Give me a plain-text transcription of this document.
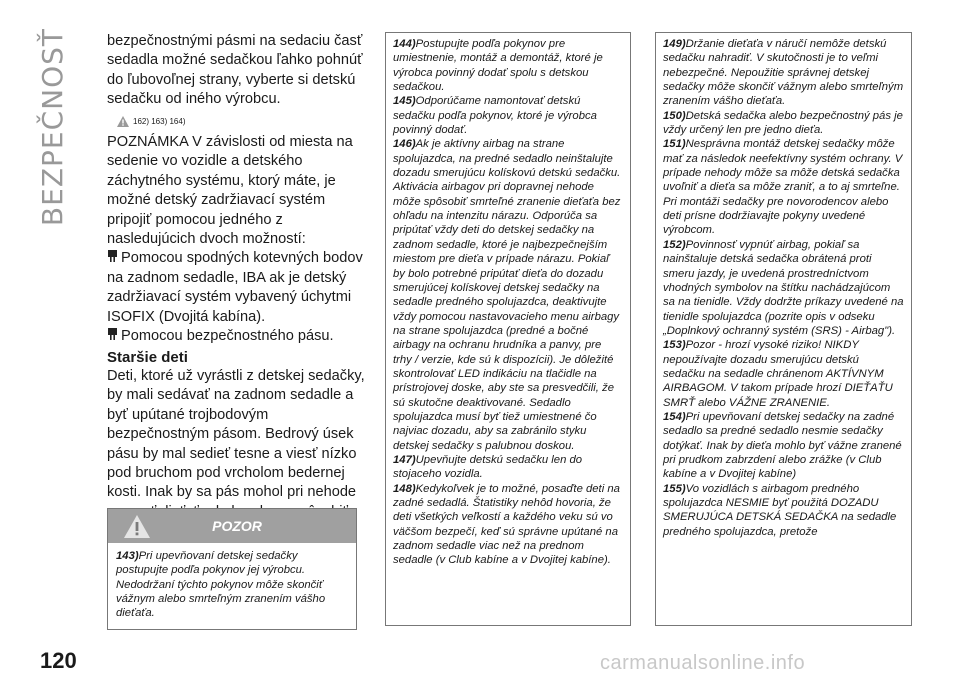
BEZPEČNOSŤ	bezpečnostnými pásmi na sedaciu časť sedadla možné sedačkou ľahko pohnúť do ľubovoľnej strany, vyberte si detskú sedačku od iného výrobcu.

162) 163) 164)

POZNÁMKA V závislosti od miesta na sedenie vo vozidle a detského záchytného systému, ktorý máte, je možné detský zadržiavací systém pripojiť pomocou jedného z nasledujúcich dvoch možností:

Pomocou spodných kotevných bodov na zadnom sedadle, IBA ak je detský zadržiavací systém vybavený úchytmi ISOFIX (Dvojitá kabína).

Pomocou bezpečnostného pásu.

Staršie deti

Deti, ktoré už vyrástli z detskej sedačky, by mali sedávať na zadnom sedadle a byť upútané trojbodovým bezpečnostným pásom. Bedrový úsek pásu by mal sedieť tesne a viesť nízko pod bruchom pod vrcholom bedernej kosti. Inak by sa pás mohol pri nehode

POZOR

143)Pri upevňovaní detskej sedačky postupujte podľa pokynov jej výrobcu. Nedodržaní týchto pokynov môže skončiť vážnym alebo smrteľným zranením vášho dieťaťa.

144)Postupujte podľa pokynov pre umiestnenie, montáž a demontáž, ktoré je výrobca povinný dodať spolu s detskou sedačkou.

145)Odporúčame namontovať detskú sedačku podľa pokynov, ktoré je výrobca povinný dodať.

146)Ak je aktívny airbag na strane spolujazdca, na predné sedadlo neinštalujte dozadu smerujúcu kolískovú detskú sedačku. Aktivácia airbagov pri dopravnej nehode môže spôsobiť smrteľné zranenie dieťaťa bez ohľadu na intenzitu nárazu. Odporúča sa pripútať vždy deti do detskej sedačky na zadnom sedadle, ktoré je najbezpečnejším miestom pre dieťa v prípade nárazu. Pokiaľ by bolo potrebné pripútať dieťa do dozadu smerujúcej kolískovej detskej sedačky na sedadle predného spolujazdca, deaktivujte vždy pomocou nastavovacieho menu airbagy na strane spolujazdca (predné a bočné airbagy na ochranu hrudníka a panvy, pre trhy / verzie, kde sú k dispozícii). Je dôležité skontrolovať LED indikáciu na tlačidle na prístrojovej doske, aby ste sa presvedčili, že sú skutočne deaktivované. Sedadlo spolujazdca musí byť tiež umiestnené čo najviac dozadu, aby sa zabránilo styku detskej sedačky s palubnou doskou.

147)Upevňujte detskú sedačku len do stojaceho vozidla.

148)Kedykoľvek je to možné, posaďte deti na zadné sedadlá. Štatistiky nehôd hovoria, že deti všetkých veľkostí a každého veku sú vo väčšom bezpečí, keď sú správne upútané na zadnom sedadle viac než na prednom sedadle (v Club kabíne a v Dvojitej kabíne).

149)Držanie dieťaťa v náručí nemôže detskú sedačku nahradiť. V skutočnosti je to veľmi nebezpečné. Nepoužitie správnej detskej sedačky môže skončiť vážnym alebo smrteľným zranením vášho dieťaťa.

150)Detská sedačka alebo bezpečnostný pás je vždy určený len pre jedno dieťa.

151)Nesprávna montáž detskej sedačky môže mať za následok neefektívny systém ochrany. V prípade nehody môže sa môže detská sedačka uvoľniť a dieťa sa môže zraniť, a to aj smrteľne. Pri montáži sedačky pre novorodencov alebo deti prísne dodržiavajte pokyny uvedené výrobcom.

152)Povinnosť vypnúť airbag, pokiaľ sa nainštaluje detská sedačka obrátená proti smeru jazdy, je uvedená prostredníctvom vhodných symbolov na štítku nachádzajúcom sa na tienidle. Vždy dodržte príkazy uvedené na tienidle spolujazdca (pozrite opis v odseku „Doplnkový ochranný systém (SRS) - Airbag").

153)Pozor - hrozí vysoké riziko! NIKDY nepoužívajte dozadu smerujúcu detskú sedačku na sedadle chránenom AKTÍVNYM AIRBAGOM. V takom prípade hrozí DIEŤAŤU SMRŤ alebo VÁŽNE ZRANENIE.

154)Pri upevňovaní detskej sedačky na zadné sedadlo sa predné sedadlo nesmie sedačky dotýkať. Inak by dieťa mohlo byť vážne zranené pri prudkom zabrzdení alebo zrážke (v Club kabíne a v Dvojitej kabíne)

155)Vo vozidlách s airbagom predného spolujazdca NESMIE byť použitá DOZADU SMERUJÚCA DETSKÁ SEDAČKA na sedadle predného spolujazdca, pretože

120	carmanualsonline.info
